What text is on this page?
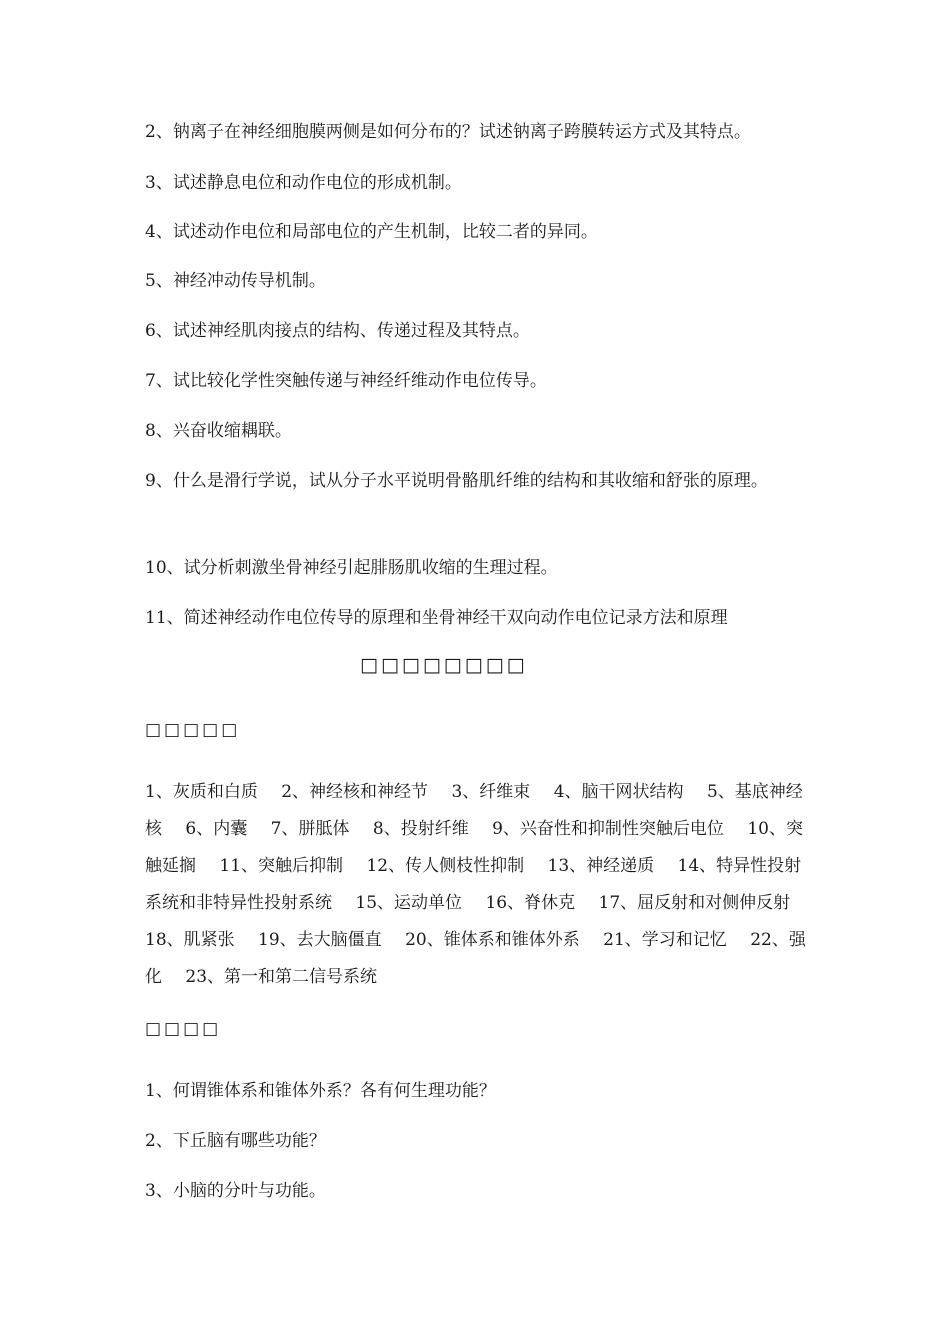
2、钠离子在神经细胞膜两侧是如何分布的？试述钠离子跨膜转运方式及其特点。
3、试述静息电位和动作电位的形成机制。
4、试述动作电位和局部电位的产生机制，比较二者的异同。
5、神经冲动传导机制。
6、试述神经肌肉接点的结构、传递过程及其特点。
7、试比较化学性突触传递与神经纤维动作电位传导。
8、兴奋收缩耦联。
9、什么是滑行学说，试从分子水平说明骨骼肌纤维的结构和其收缩和舒张的原理。
10、试分析刺激坐骨神经引起腓肠肌收缩的生理过程。
11、简述神经动作电位传导的原理和坐骨神经干双向动作电位记录方法和原理
□□□□□□□□
□□□□□
1、灰质和白质 2、神经核和神经节 3、纤维束 4、脑干网状结构 5、基底神经核 6、内囊 7、胼胝体 8、投射纤维 9、兴奋性和抑制性突触后电位 10、突触延搁 11、突触后抑制 12、传人侧枝性抑制 13、神经递质 14、特异性投射系统和非特异性投射系统 15、运动单位 16、脊休克 17、屈反射和对侧伸反射 18、肌紧张 19、去大脑僵直 20、锥体系和锥体外系 21、学习和记忆 22、强化 23、第一和第二信号系统
□□□□
1、何谓锥体系和锥体外系？各有何生理功能？
2、下丘脑有哪些功能？
3、小脑的分叶与功能。
